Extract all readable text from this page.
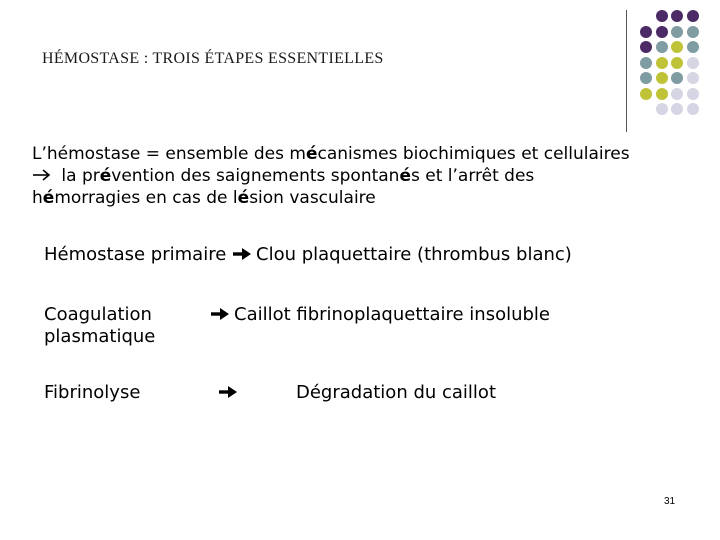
HÉMOSTASE : TROIS ÉTAPES ESSENTIELLES
L’hémostase = ensemble des mécanismes biochimiques et cellulaires
la prévention des saignements spontanés et l’arrêt des
hémorragies en cas de lésion vasculaire
Hémostase primaire Clou plaquettaire (thrombus blanc)
Coagulation
plasmatique
Caillot fibrinoplaquettaire insoluble
Fibrinolyse	Dégradation du caillot
31
